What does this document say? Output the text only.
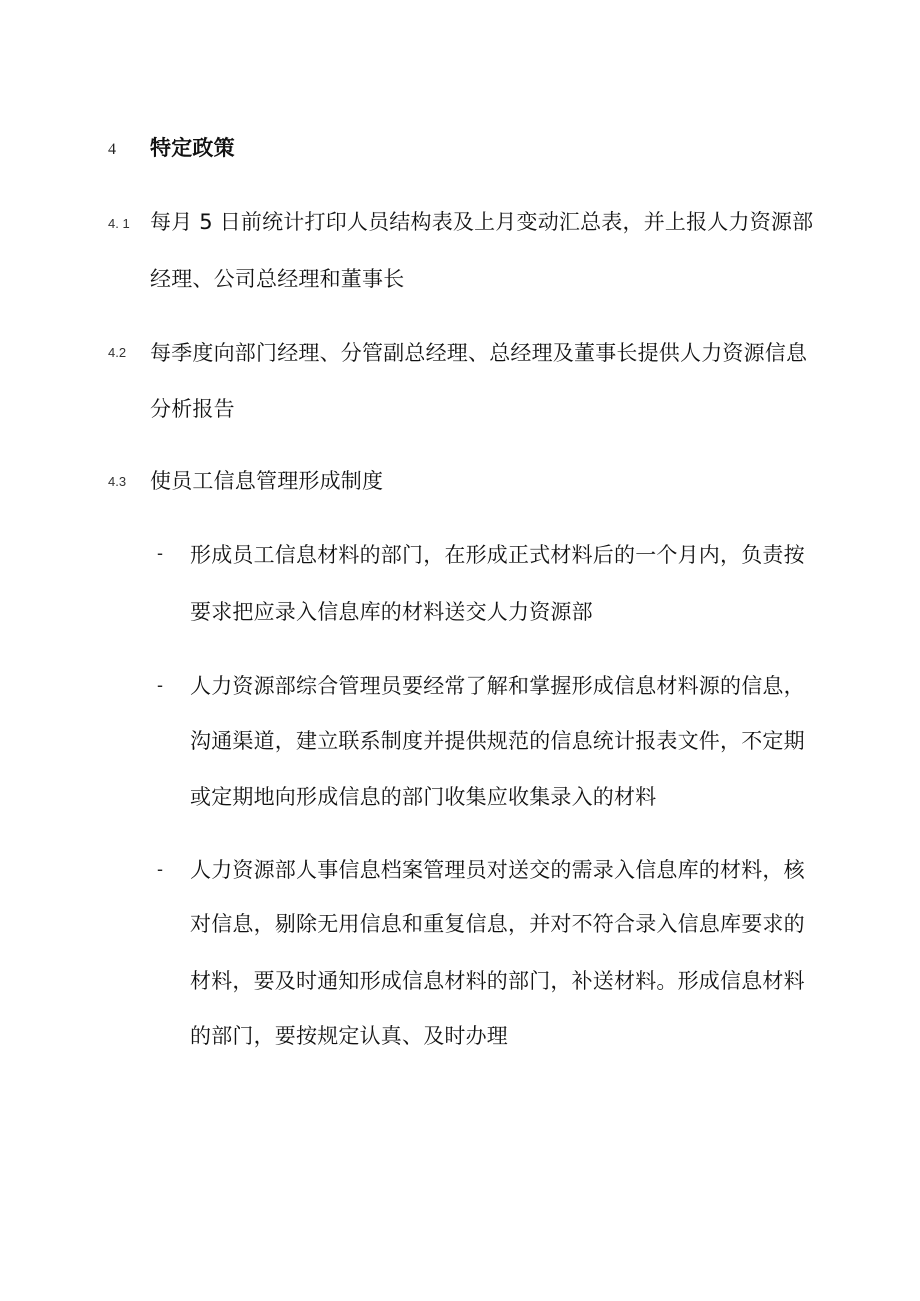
4 特定政策
4. 1 每月 5 日前统计打印人员结构表及上月变动汇总表，并上报人力资源部
经理、公司总经理和董事长
4.2 每季度向部门经理、分管副总经理、总经理及董事长提供人力资源信息
分析报告
4.3 使员工信息管理形成制度
- 形成员工信息材料的部门，在形成正式材料后的一个月内，负责按
要求把应录入信息库的材料送交人力资源部
- 人力资源部综合管理员要经常了解和掌握形成信息材料源的信息，
沟通渠道，建立联系制度并提供规范的信息统计报表文件，不定期
或定期地向形成信息的部门收集应收集录入的材料
- 人力资源部人事信息档案管理员对送交的需录入信息库的材料，核
对信息，剔除无用信息和重复信息，并对不符合录入信息库要求的
材料，要及时通知形成信息材料的部门，补送材料。形成信息材料
的部门，要按规定认真、及时办理
